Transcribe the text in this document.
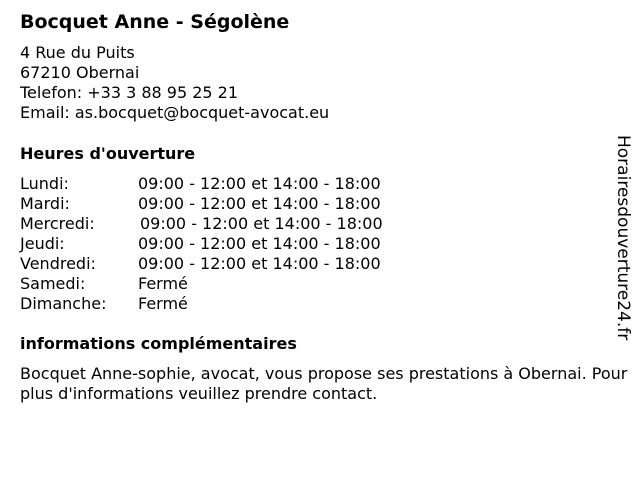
Bocquet Anne - Ségolène
4 Rue du Puits
67210 Obernai
Telefon: +33 3 88 95 25 21
Email: as.bocquet@bocquet-avocat.eu
Heures d'ouverture
Lundi:	09:00 - 12:00 et 14:00 - 18:00
Mardi:	09:00 - 12:00 et 14:00 - 18:00
Mercredi:	09:00 - 12:00 et 14:00 - 18:00
Jeudi:	09:00 - 12:00 et 14:00 - 18:00
Vendredi:	09:00 - 12:00 et 14:00 - 18:00
Samedi:	Fermé
Dimanche: Fermé
informations complémentaires
Bocquet Anne-sophie, avocat, vous propose ses prestations à Obernai. Pour plus d'informations veuillez prendre contact.
Horairesdouverture24.fr
